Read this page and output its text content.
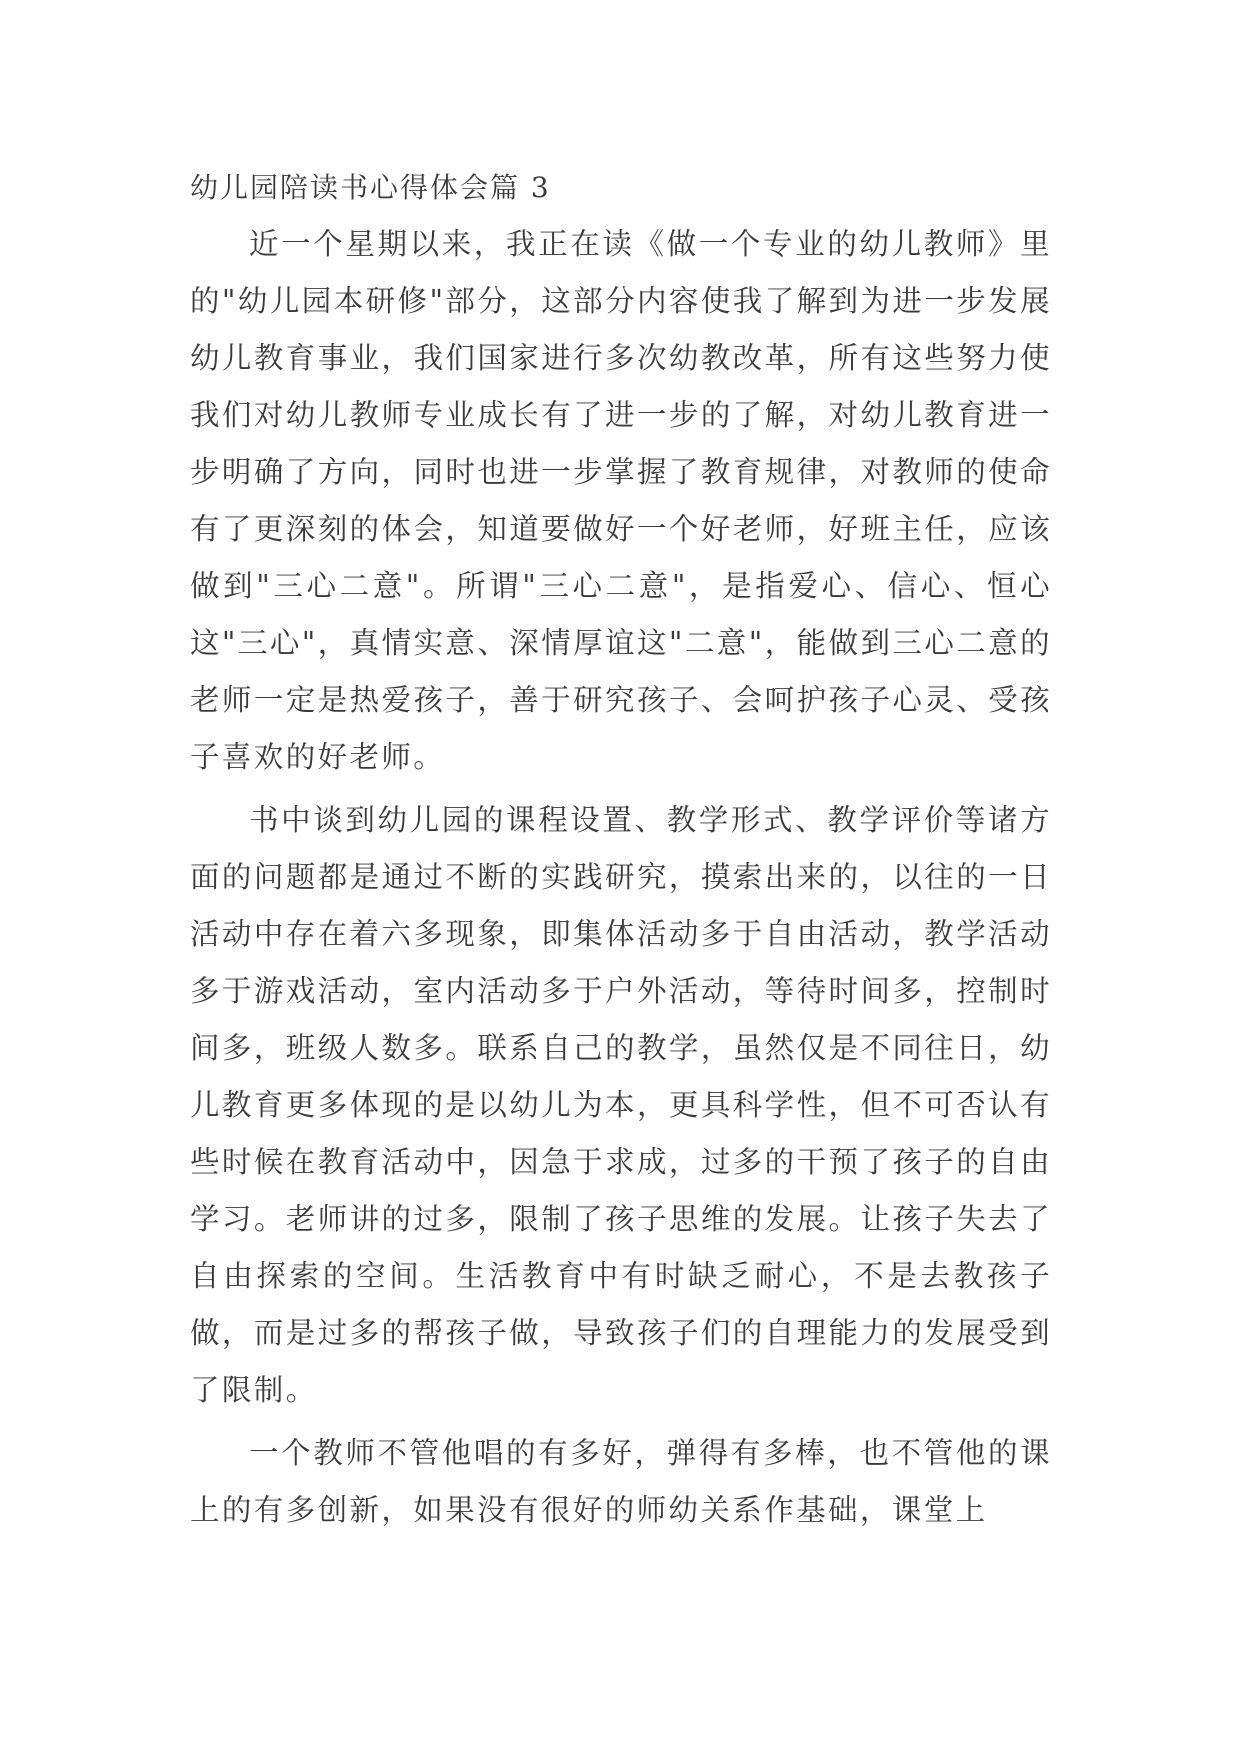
幼儿园陪读书心得体会篇 3

近一个星期以来，我正在读《做一个专业的幼儿教师》里的"幼儿园本研修"部分，这部分内容使我了解到为进一步发展幼儿教育事业，我们国家进行多次幼教改革，所有这些努力使我们对幼儿教师专业成长有了进一步的了解，对幼儿教育进一步明确了方向，同时也进一步掌握了教育规律，对教师的使命有了更深刻的体会，知道要做好一个好老师，好班主任，应该做到"三心二意"。所谓"三心二意"，是指爱心、信心、恒心这"三心"，真情实意、深情厚谊这"二意"，能做到三心二意的老师一定是热爱孩子，善于研究孩子、会呵护孩子心灵、受孩子喜欢的好老师。

书中谈到幼儿园的课程设置、教学形式、教学评价等诸方面的问题都是通过不断的实践研究，摸索出来的，以往的一日活动中存在着六多现象，即集体活动多于自由活动，教学活动多于游戏活动，室内活动多于户外活动，等待时间多，控制时间多，班级人数多。联系自己的教学，虽然仅是不同往日，幼儿教育更多体现的是以幼儿为本，更具科学性，但不可否认有些时候在教育活动中，因急于求成，过多的干预了孩子的自由学习。老师讲的过多，限制了孩子思维的发展。让孩子失去了自由探索的空间。生活教育中有时缺乏耐心，不是去教孩子做，而是过多的帮孩子做，导致孩子们的自理能力的发展受到了限制。

一个教师不管他唱的有多好，弹得有多棒，也不管他的课上的有多创新，如果没有很好的师幼关系作基础，课堂上
